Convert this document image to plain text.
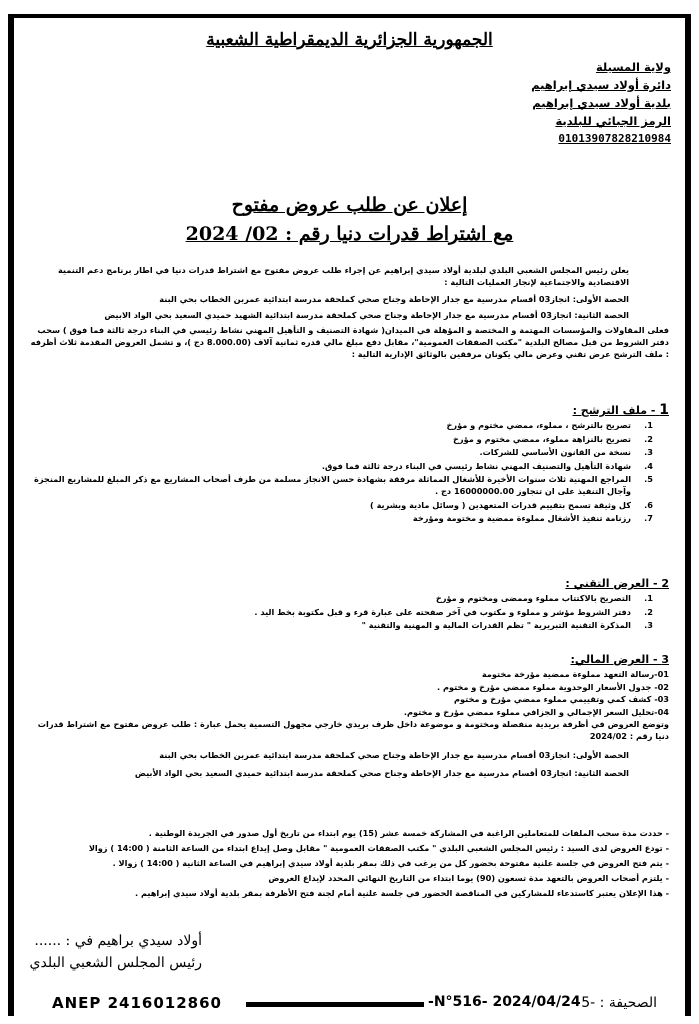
الجمهورية الجزائرية الديمقراطية الشعبية
ولاية المسيلة
دائرة أولاد سيدي إبراهيم
بلدية أولاد سيدي إبراهيم
الرمز الجبائي للبلدية
01013907828210984
إعلان عن طلب عروض مفتوح
مع اشتراط قدرات دنيا رقم : 02/ 2024

يعلن رئيس المجلس الشعبي البلدي لبلدية أولاد سيدي إبراهيم عن إجراء طلب عروض مفتوح مع اشتراط قدرات دنيا في اطار برنامج دعم التنمية الاقتصادية والاجتماعية لإنجاز العمليات التالية :

الحصة الأولى: انجاز03 أقسام مدرسية مع جدار الإحاطة وجناح صحي كملحقة مدرسة ابتدائية عمربن الخطاب بحي البنة

الحصة الثانية: انجاز03 أقسام مدرسية مع جدار الإحاطة وجناح صحي كملحقة مدرسة ابتدائية الشهيد حميدي السعيد بحي الواد الابيض

فعلى المقاولات والمؤسسات المهتمة و المختصة و المؤهلة في الميدان( شهادة التصنيف و التأهيل المهني نشاط رئيسي في البناء درجة ثالثة فما فوق ) سحب دفتر الشروط من قبل مصالح البلدية "مكتب الصفقات العمومية"، مقابل دفع مبلغ مالي قدره ثمانية آلاف (8.000.00 دج )، و تشمل العروض المقدمة ثلاث أظرفه : ملف الترشح عرض تقني وعرض مالي يكونان مرفقين بالوثائق الإدارية التالية :

1 - ملف الترشح :
1.
تصريح بالترشح ، مملوء، ممضي مختوم و مؤرخ
2.
تصريح بالنزاهة مملوء، ممضي مختوم و مؤرخ
3.
نسخة من القانون الأساسي للشركات.
4.
شهادة التأهيل والتصنيف المهني نشاط رئيسي في البناء درجة ثالثة فما فوق.
5.
المراجع المهنية ثلاث سنوات الأخيرة للأشغال المماثلة مرفقة بشهادة حسن الانجاز مسلمة من طرف أصحاب المشاريع مع ذكر المبلغ للمشاريع المنجزة وآجال التنفيذ على ان تتجاوز 16000000.00 دج .
6.
كل وثيقة تسمح بتقييم قدرات المتعهدين ( وسائل مادية وبشرية )
7.
رزنامة تنفيذ الأشغال مملوءة ممضية و مختومة ومؤرخة
2 - العرض التقني :
1.
التصريح بالاكتتاب مملوء وممضى ومختوم و مؤرخ
2.
دفتر الشروط مؤشر و مملوء و مكتوب في آخر صفحته على عبارة قرء و قبل مكتوبة بخط اليد .
3.
المذكرة التقنية التبريرية " تظم القدرات المالية و المهنية والتقنية "
3 - العرض المالي:
01-رسالة التعهد مملوءة ممضية مؤرخة مختومة
02- جدول الأسعار الوحدوية مملوء ممضي مؤرخ و مختوم .
03- كشف كمي وتقييمي مملوء ممضي مؤرخ و مختوم
04-تحليل السعر الإجمالي و الجزافي مملوء ممضي مؤرخ و مختوم.

وتوضع العروض في أظرفة بريدية منفصلة ومختومة و موضوعة داخل ظرف بريدي خارجي مجهول التسمية يحمل عبارة : طلب عروض مفتوح مع اشتراط قدرات دنيا رقم : 2024/02

الحصة الأولى: انجاز03 أقسام مدرسية مع جدار الإحاطة وجناح صحي كملحقة مدرسة ابتدائية عمربن الخطاب بحي البنة

الحصة الثانية: انجاز03 أقسام مدرسية مع جدار الإحاطة وجناح صحي كملحقة مدرسة ابتدائية حميدي السعيد بحي الواد الأبيض

- حددت مدة سحب الملفات للمتعاملين الراغبة في المشاركة خمسة عشر (15) يوم ابتداء من تاريخ أول صدور في الجريدة الوطنية .
- تودع العروض لدى السيد : رئيس المجلس الشعبي البلدي " مكتب الصفقات العمومية " مقابل وصل إيداع ابتداء من الساعة الثامنة ( 14:00 ) زوالا
- يتم فتح العروض في جلسة علنية مفتوحة بحضور كل من يرغب في ذلك بمقر بلدية أولاد سيدي إبراهيم في الساعة الثانية ( 14:00 ) زوالا .
- يلتزم أصحاب العروض بالتعهد مدة تسعون (90) يوما ابتداء من التاريخ النهائي المحدد لإيداع العروض
- هذا الإعلان يعتبر كاستدعاء للمشاركين في المناقصة الحضور في جلسة علنية أمام لجنة فتح الأظرفة بمقر بلدية أولاد سيدي إبراهيم .
أولاد سيدي براهيم في : ......
رئيس المجلس الشعبي البلدي
ANEP 2416012860	2024/04/24 -N°516- الصحيفة : -5
